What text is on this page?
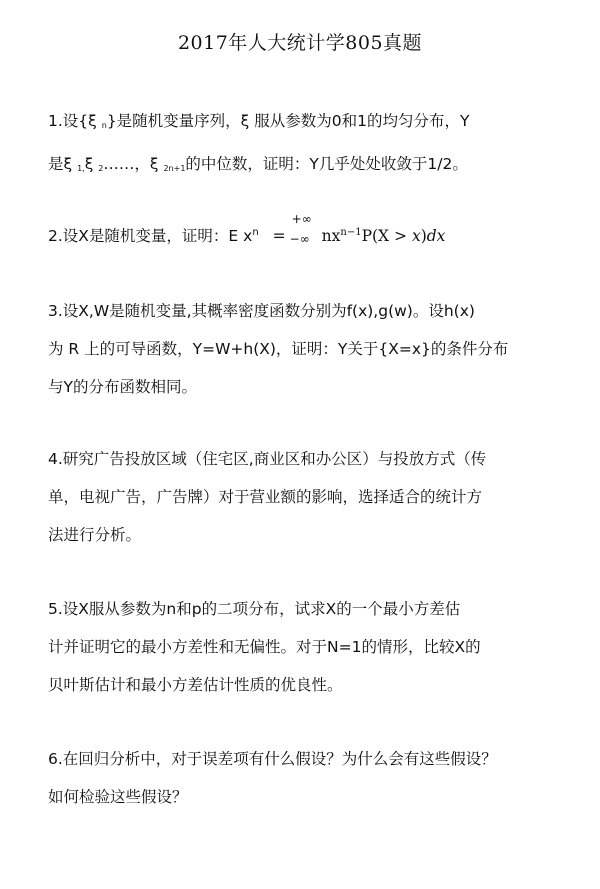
2017年人大统计学805真题
1.设{ξ $_n$}是随机变量序列，ξ 服从参数为0和1的均匀分布，Y
是ξ $_{1,}$ξ $_2$……，ξ $_{2n+1}$的中位数，证明：Y几乎处处收敛于1/2。
2.设X是随机变量，证明：E $x^n$ =
+∞
−∞ $nx^{n-1}P(X > x)dx$
3.设X,W是随机变量,其概率密度函数分别为f(x),g(w)。设h(x)
为 R 上的可导函数，Y=W+h(X)，证明：Y关于{X=x}的条件分布
与Y的分布函数相同。
4.研究广告投放区域（住宅区,商业区和办公区）与投放方式（传
单，电视广告，广告牌）对于营业额的影响，选择适合的统计方
法进行分析。
5.设X服从参数为n和p的二项分布，试求X的一个最小方差估
计并证明它的最小方差性和无偏性。对于N=1的情形，比较X的
贝叶斯估计和最小方差估计性质的优良性。
6.在回归分析中，对于误差项有什么假设？为什么会有这些假设？
如何检验这些假设？
